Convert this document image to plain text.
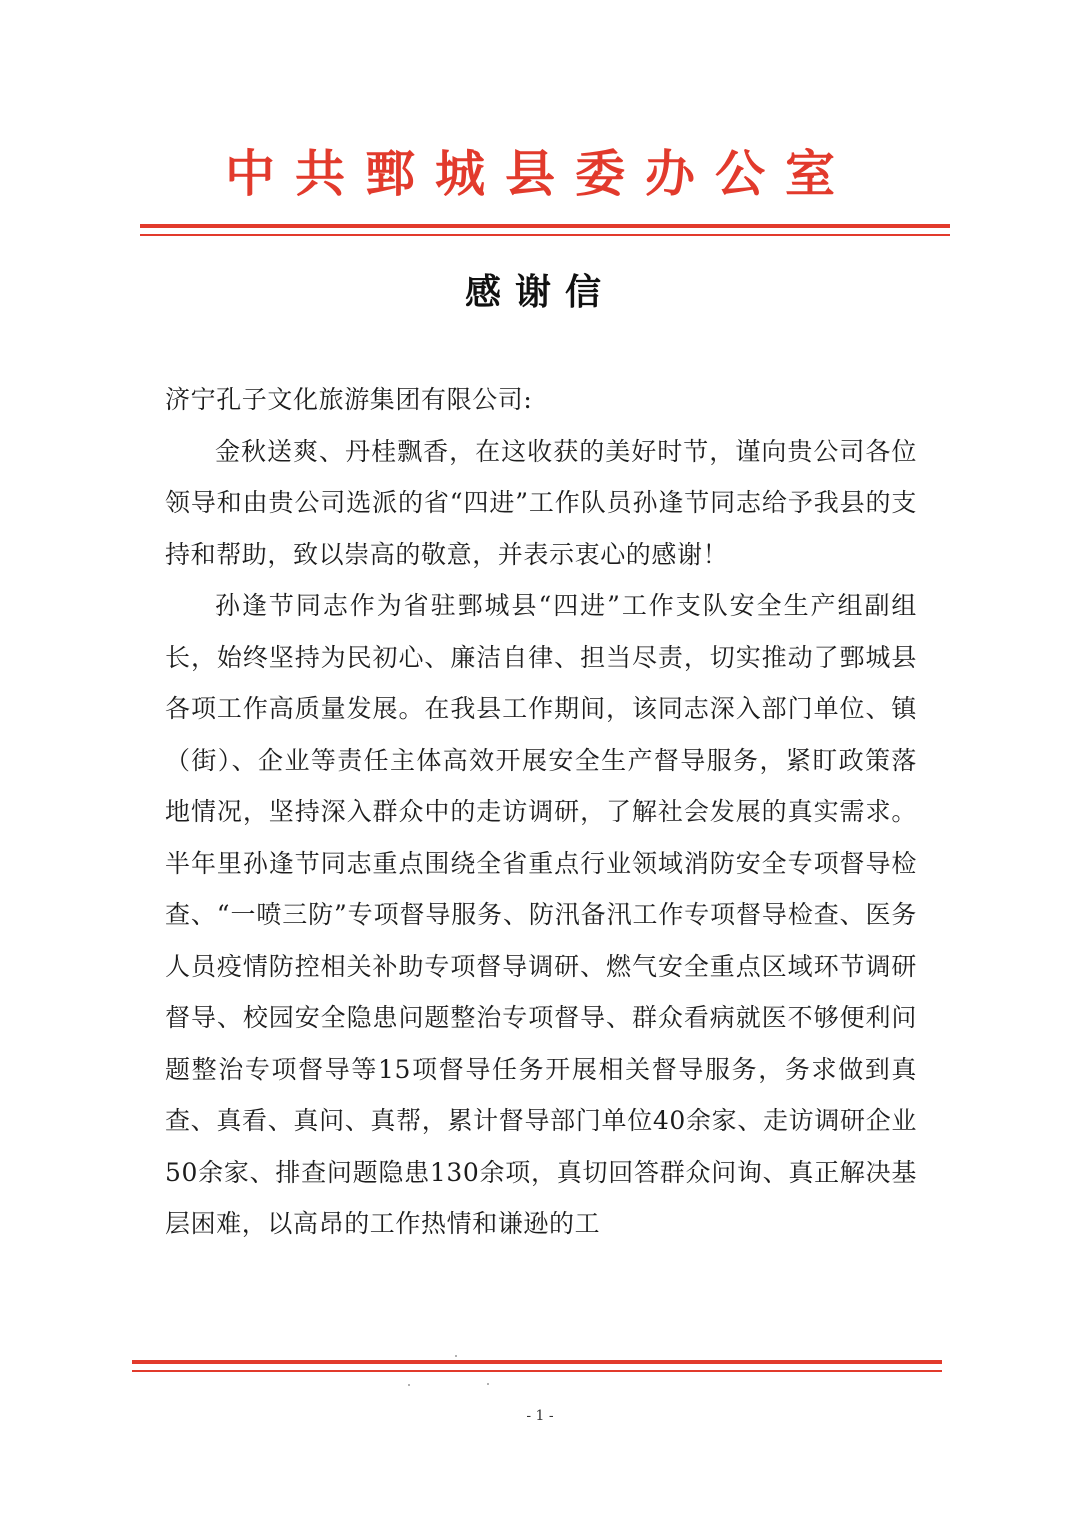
中共鄄城县委办公室
感谢信

济宁孔子文化旅游集团有限公司:

金秋送爽、丹桂飘香，在这收获的美好时节，谨向贵公司各位领导和由贵公司选派的省“四进”工作队员孙逢节同志给予我县的支持和帮助，致以崇高的敬意，并表示衷心的感谢！

孙逢节同志作为省驻鄄城县“四进”工作支队安全生产组副组长，始终坚持为民初心、廉洁自律、担当尽责，切实推动了鄄城县各项工作高质量发展。在我县工作期间，该同志深入部门单位、镇（街）、企业等责任主体高效开展安全生产督导服务，紧盯政策落地情况，坚持深入群众中的走访调研，了解社会发展的真实需求。半年里孙逢节同志重点围绕全省重点行业领域消防安全专项督导检查、“一喷三防”专项督导服务、防汛备汛工作专项督导检查、医务人员疫情防控相关补助专项督导调研、燃气安全重点区域环节调研督导、校园安全隐患问题整治专项督导、群众看病就医不够便利问题整治专项督导等15项督导任务开展相关督导服务，务求做到真查、真看、真问、真帮，累计督导部门单位40余家、走访调研企业50余家、排查问题隐患130余项，真切回答群众问询、真正解决基层困难，以高昂的工作热情和谦逊的工

- 1 -
